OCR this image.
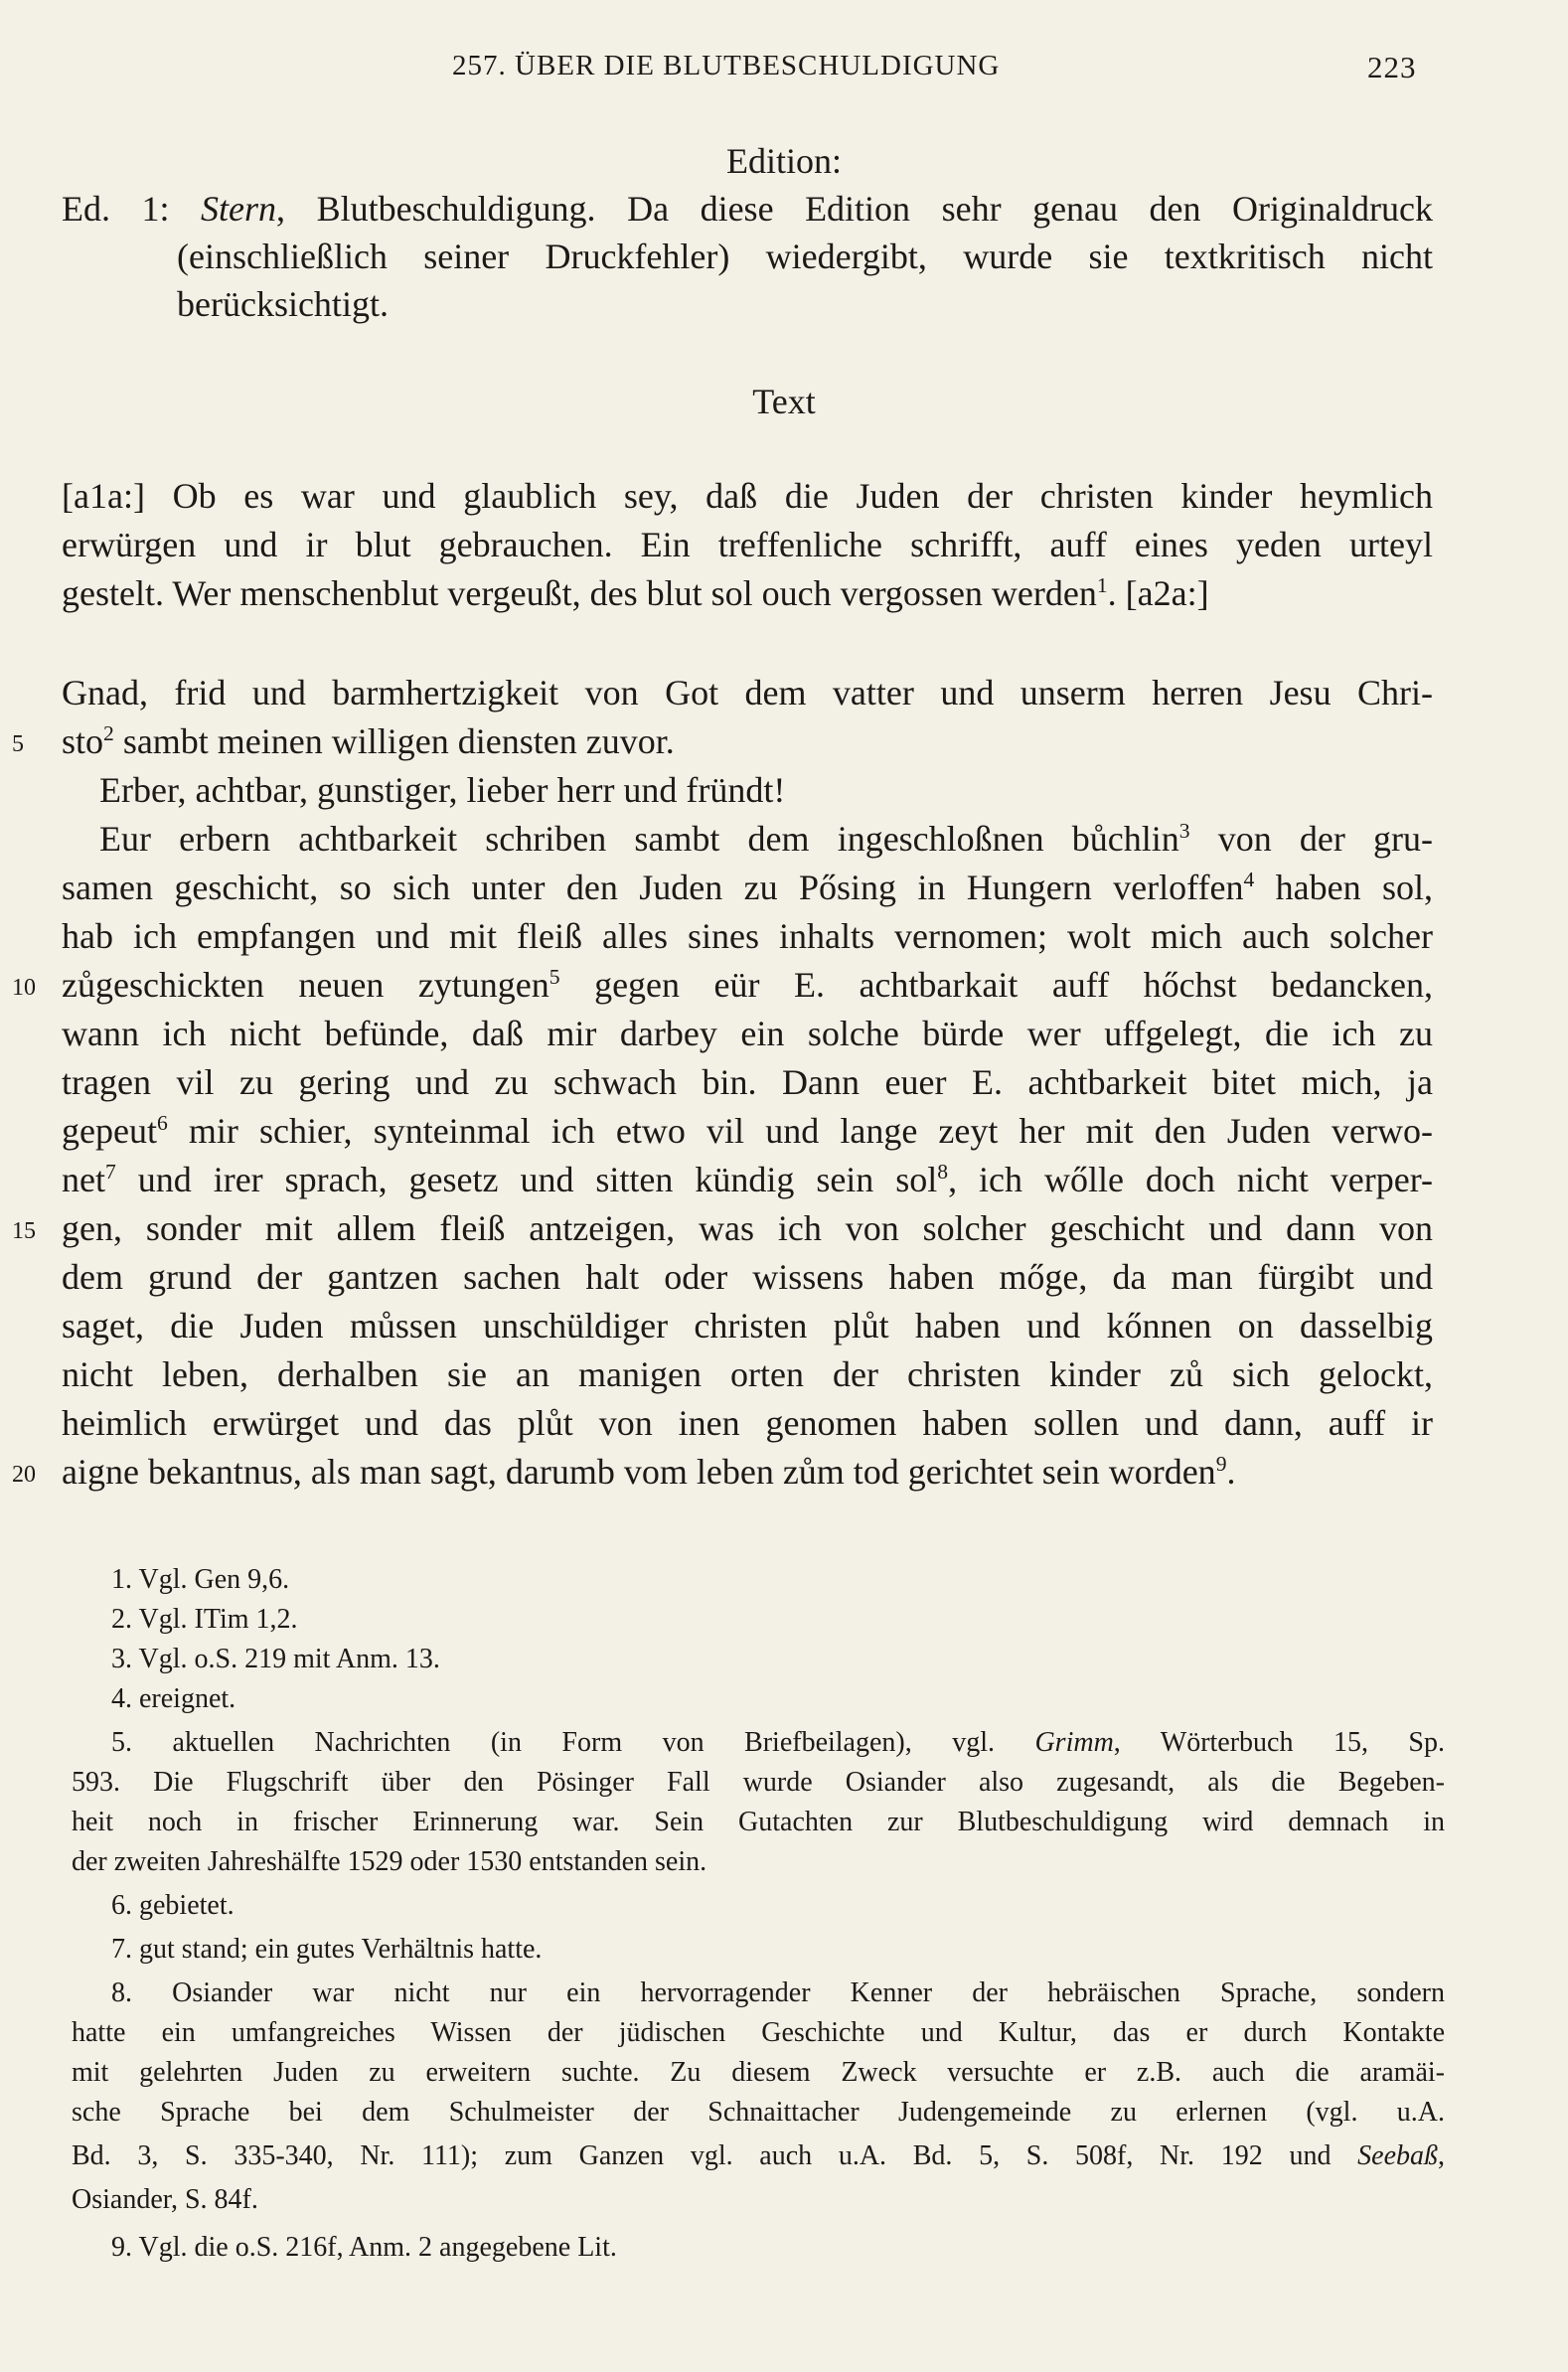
257. ÜBER DIE BLUTBESCHULDIGUNG	223
Edition:
Ed. 1: Stern, Blutbeschuldigung. Da diese Edition sehr genau den Originaldruck
(einschließlich seiner Druckfehler) wiedergibt, wurde sie textkritisch nicht
berücksichtigt.
Text
[a1a:] Ob es war und glaublich sey, daß die Juden der christen kinder heymlich
erwürgen und ir blut gebrauchen. Ein treffenliche schrifft, auff eines yeden urteyl
gestelt. Wer menschenblut vergeußt, des blut sol ouch vergossen werden$^1$. [a2a:]
Gnad, frid und barmhertzigkeit von Got dem vatter und unserm herren Jesu Chri-
sto$^2$ sambt meinen willigen diensten zuvor.
Erber, achtbar, gunstiger, lieber herr und fründt!
Eur erbern achtbarkeit schriben sambt dem ingeschloßnen bůchlin$^3$ von der gru-
samen geschicht, so sich unter den Juden zu Pősing in Hungern verloffen$^4$ haben sol,
hab ich empfangen und mit fleiß alles sines inhalts vernomen; wolt mich auch solcher
zůgeschickten neuen zytungen$^5$ gegen eür E. achtbarkait auff hőchst bedancken,
wann ich nicht befünde, daß mir darbey ein solche bürde wer uffgelegt, die ich zu
tragen vil zu gering und zu schwach bin. Dann euer E. achtbarkeit bitet mich, ja
gepeut$^6$ mir schier, synteinmal ich etwo vil und lange zeyt her mit den Juden verwo-
net$^7$ und irer sprach, gesetz und sitten kündig sein sol$^8$, ich wőlle doch nicht verper-
gen, sonder mit allem fleiß antzeigen, was ich von solcher geschicht und dann von
dem grund der gantzen sachen halt oder wissens haben mőge, da man fürgibt und
saget, die Juden můssen unschüldiger christen plůt haben und kőnnen on dasselbig
nicht leben, derhalben sie an manigen orten der christen kinder zů sich gelockt,
heimlich erwürget und das plůt von inen genomen haben sollen und dann, auff ir
aigne bekantnus, als man sagt, darumb vom leben zům tod gerichtet sein worden$^9$.
5
10
15
20
1. Vgl. Gen 9,6.
2. Vgl. ITim 1,2.
3. Vgl. o.S. 219 mit Anm. 13.
4. ereignet.
5. aktuellen Nachrichten (in Form von Briefbeilagen), vgl. Grimm, Wörterbuch 15, Sp.
593. Die Flugschrift über den Pösinger Fall wurde Osiander also zugesandt, als die Begeben-
heit noch in frischer Erinnerung war. Sein Gutachten zur Blutbeschuldigung wird demnach in
der zweiten Jahreshälfte 1529 oder 1530 entstanden sein.
6. gebietet.
7. gut stand; ein gutes Verhältnis hatte.
8. Osiander war nicht nur ein hervorragender Kenner der hebräischen Sprache, sondern
hatte ein umfangreiches Wissen der jüdischen Geschichte und Kultur, das er durch Kontakte
mit gelehrten Juden zu erweitern suchte. Zu diesem Zweck versuchte er z.B. auch die aramäi-
sche Sprache bei dem Schulmeister der Schnaittacher Judengemeinde zu erlernen (vgl. u.A.
Bd. 3, S. 335-340, Nr. 111); zum Ganzen vgl. auch u.A. Bd. 5, S. 508f, Nr. 192 und Seebaß,
Osiander, S. 84f.
9. Vgl. die o.S. 216f, Anm. 2 angegebene Lit.
